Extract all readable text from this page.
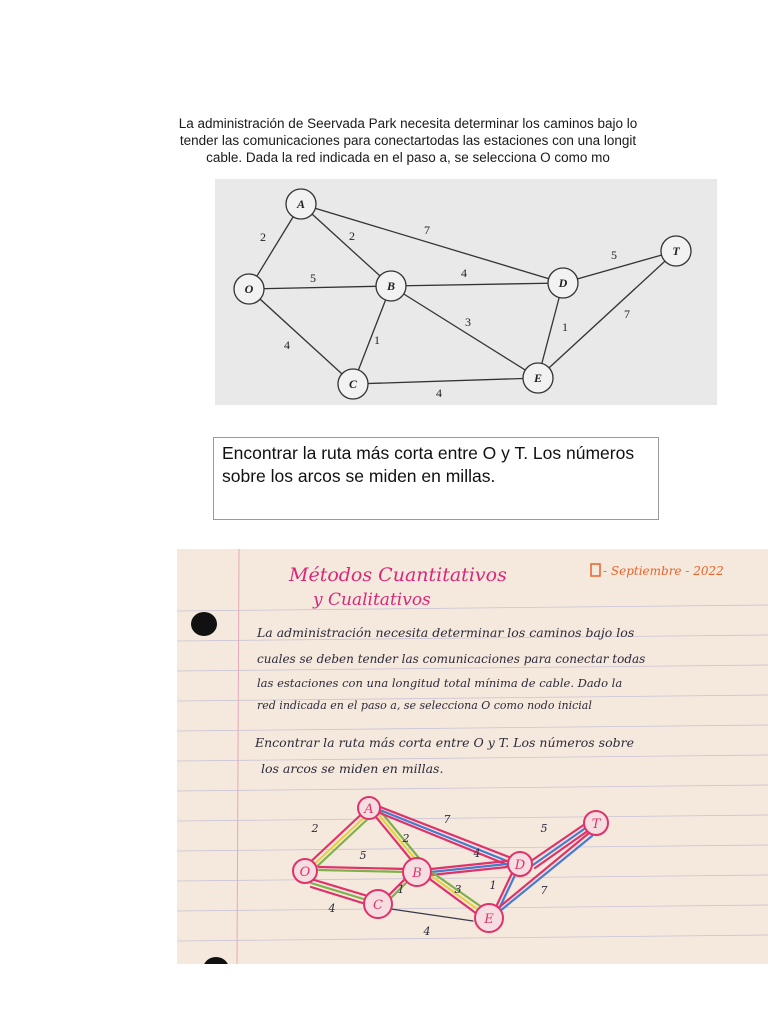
La administración de Seervada Park necesita determinar los caminos bajo lo
tender las comunicaciones para conectartodas las estaciones con una longit
cable. Dada la red indicada en el paso a, se selecciona O como mo
2	2	7
5	4
5
4	1
3	1
7
4
A
O	B
C
D
E
T

Encontrar la ruta más corta entre O y T. Los números sobre los arcos se miden en millas.

Métodos Cuantitativos
y Cualitativos
- Septiembre - 2022
La administración necesita determinar los caminos bajo los
cuales se deben tender las comunicaciones para conectar todas
las estaciones con una longitud total mínima de cable. Dado la
red indicada en el paso a, se selecciona O como nodo inicial
Encontrar la ruta más corta entre O y T. Los números sobre
los arcos se miden en millas.
A
O	B
C
D
E
T
2
2
7
5	4
5
4
1	3	1	7
4
